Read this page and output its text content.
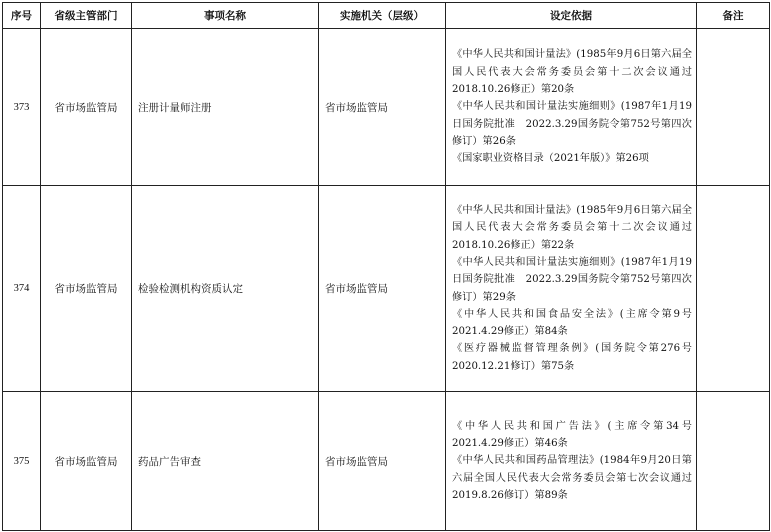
序号	省级主管部门	事项名称	实施机关（层级）	设定依据	备注
373	省市场监管局	注册计量师注册	省市场监管局	《中华人民共和国计量法》(1985年9月6日第六届全国人民代表大会常务委员会第十二次会议通过　2018.10.26修正）第20条

《中华人民共和国计量法实施细则》(1987年1月19日国务院批准　2022.3.29国务院令第752号第四次修订）第26条

《国家职业资格目录（2021年版）》第26项	

374	省市场监管局	检验检测机构资质认定	省市场监管局	《中华人民共和国计量法》(1985年9月6日第六届全国人民代表大会常务委员会第十二次会议通过　2018.10.26修正）第22条

《中华人民共和国计量法实施细则》(1987年1月19日国务院批准　2022.3.29国务院令第752号第四次修订）第29条

《中华人民共和国食品安全法》(主席令第9号　2021.4.29修正）第84条

《医疗器械监督管理条例》(国务院令第276号　2020.12.21修订）第75条	

375	省市场监管局	药品广告审查	省市场监管局	《中华人民共和国广告法》(主席令第34号　2021.4.29修正）第46条

《中华人民共和国药品管理法》(1984年9月20日第六届全国人民代表大会常务委员会第七次会议通过　2019.8.26修订）第89条	
